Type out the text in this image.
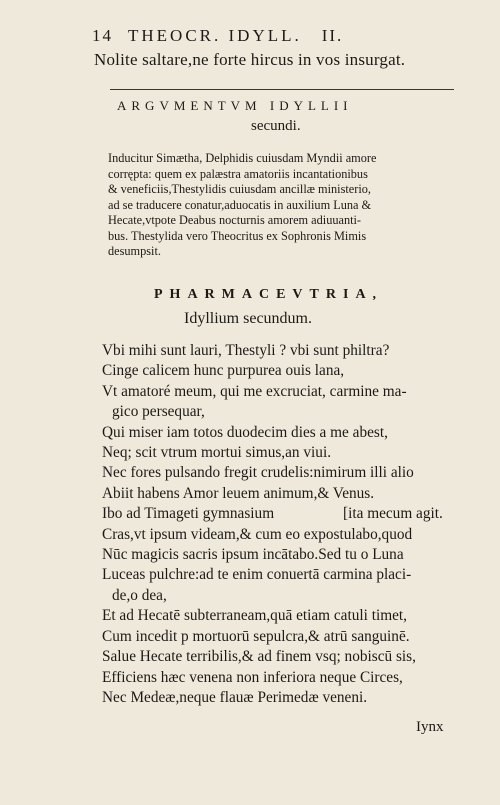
14 THEOCR. IDYLL. II.
Nolite saltare,ne forte hircus in vos insurgat.
ARGVMENTVM IDYLLII
secundi.
Inducitur Simætha, Delphidis cuiusdam Myndii amore
corrępta: quem ex palæstra amatoriis incantationibus
& veneficiis,Thestylidis cuiusdam ancillæ ministerio,
ad se traducere conatur,aduocatis in auxilium Luna &
Hecate,vtpote Deabus nocturnis amorem adiuuanti-
bus. Thestylida vero Theocritus ex Sophronis Mimis
desumpsit.
PHARMACEVTRIA,
Idyllium secundum.
Vbi mihi sunt lauri, Thestyli ? vbi sunt philtra?
Cinge calicem hunc purpurea ouis lana,
Vt amatoré meum, qui me excruciat, carmine ma-
gico persequar,
Qui miser iam totos duodecim dies a me abest,
Neq; scit vtrum mortui simus,an viui.
Nec fores pulsando fregit crudelis:nimirum illi alio
Abiit habens Amor leuem animum,& Venus.
Ibo ad Timageti gymnasium	[ita mecum agit.
Cras,vt ipsum videam,& cum eo expostulabo,quod
Nūc magicis sacris ipsum incātabo.Sed tu o Luna
Luceas pulchre:ad te enim conuertā carmina placi-
de,o dea,
Et ad Hecatē subterraneam,quā etiam catuli timet,
Cum incedit p mortuorū sepulcra,& atrū sanguinē.
Salue Hecate terribilis,& ad finem vsq; nobiscū sis,
Efficiens hæc venena non inferiora neque Circes,
Nec Medeæ,neque flauæ Perimedæ veneni.
Iynx
